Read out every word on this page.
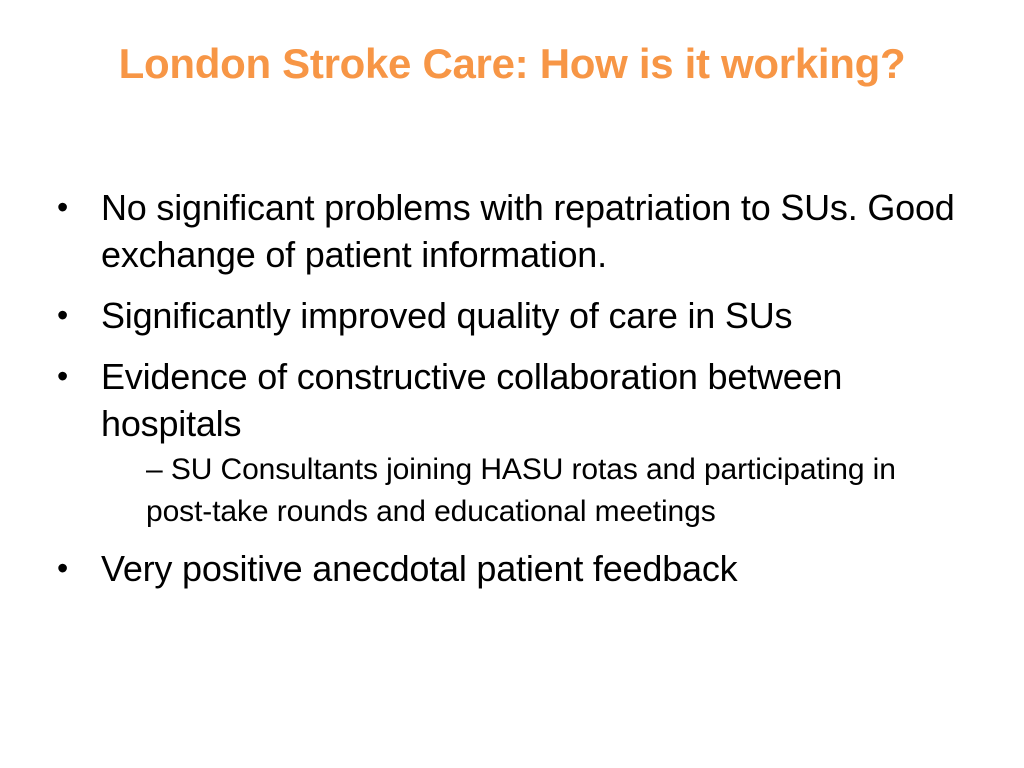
London Stroke Care: How is it working?
• No significant problems with repatriation to SUs. Good exchange of patient information.
• Significantly improved quality of care in SUs
• Evidence of constructive collaboration between hospitals
– SU Consultants joining HASU rotas and participating in post-take rounds and educational meetings
• Very positive anecdotal patient feedback
